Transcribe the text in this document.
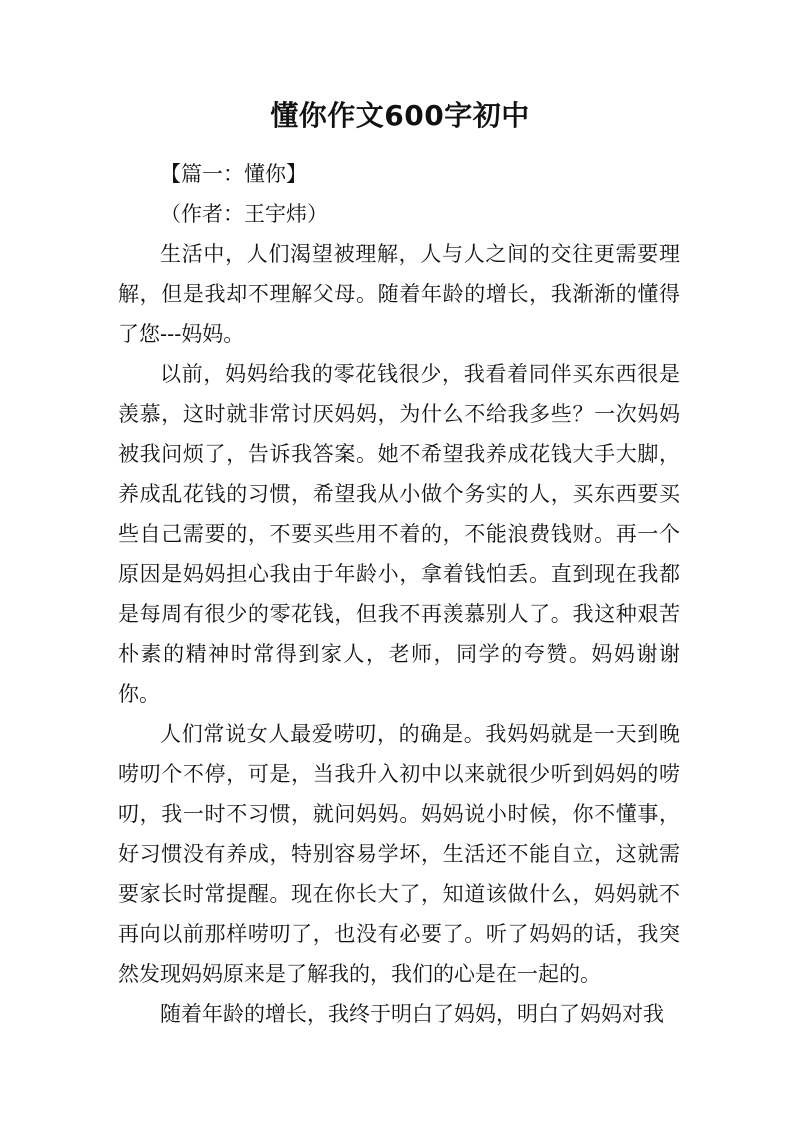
懂你作文600字初中

【篇一：懂你】

（作者：王宇炜）

生活中，人们渴望被理解，人与人之间的交往更需要理解，但是我却不理解父母。随着年龄的增长，我渐渐的懂得了您---妈妈。

以前，妈妈给我的零花钱很少，我看着同伴买东西很是羡慕，这时就非常讨厌妈妈，为什么不给我多些？一次妈妈被我问烦了，告诉我答案。她不希望我养成花钱大手大脚，养成乱花钱的习惯，希望我从小做个务实的人，买东西要买些自己需要的，不要买些用不着的，不能浪费钱财。再一个原因是妈妈担心我由于年龄小，拿着钱怕丢。直到现在我都是每周有很少的零花钱，但我不再羡慕别人了。我这种艰苦朴素的精神时常得到家人，老师，同学的夸赞。妈妈谢谢你。

人们常说女人最爱唠叨，的确是。我妈妈就是一天到晚唠叨个不停，可是，当我升入初中以来就很少听到妈妈的唠叨，我一时不习惯，就问妈妈。妈妈说小时候，你不懂事，好习惯没有养成，特别容易学坏，生活还不能自立，这就需要家长时常提醒。现在你长大了，知道该做什么，妈妈就不再向以前那样唠叨了，也没有必要了。听了妈妈的话，我突然发现妈妈原来是了解我的，我们的心是在一起的。

随着年龄的增长，我终于明白了妈妈，明白了妈妈对我
